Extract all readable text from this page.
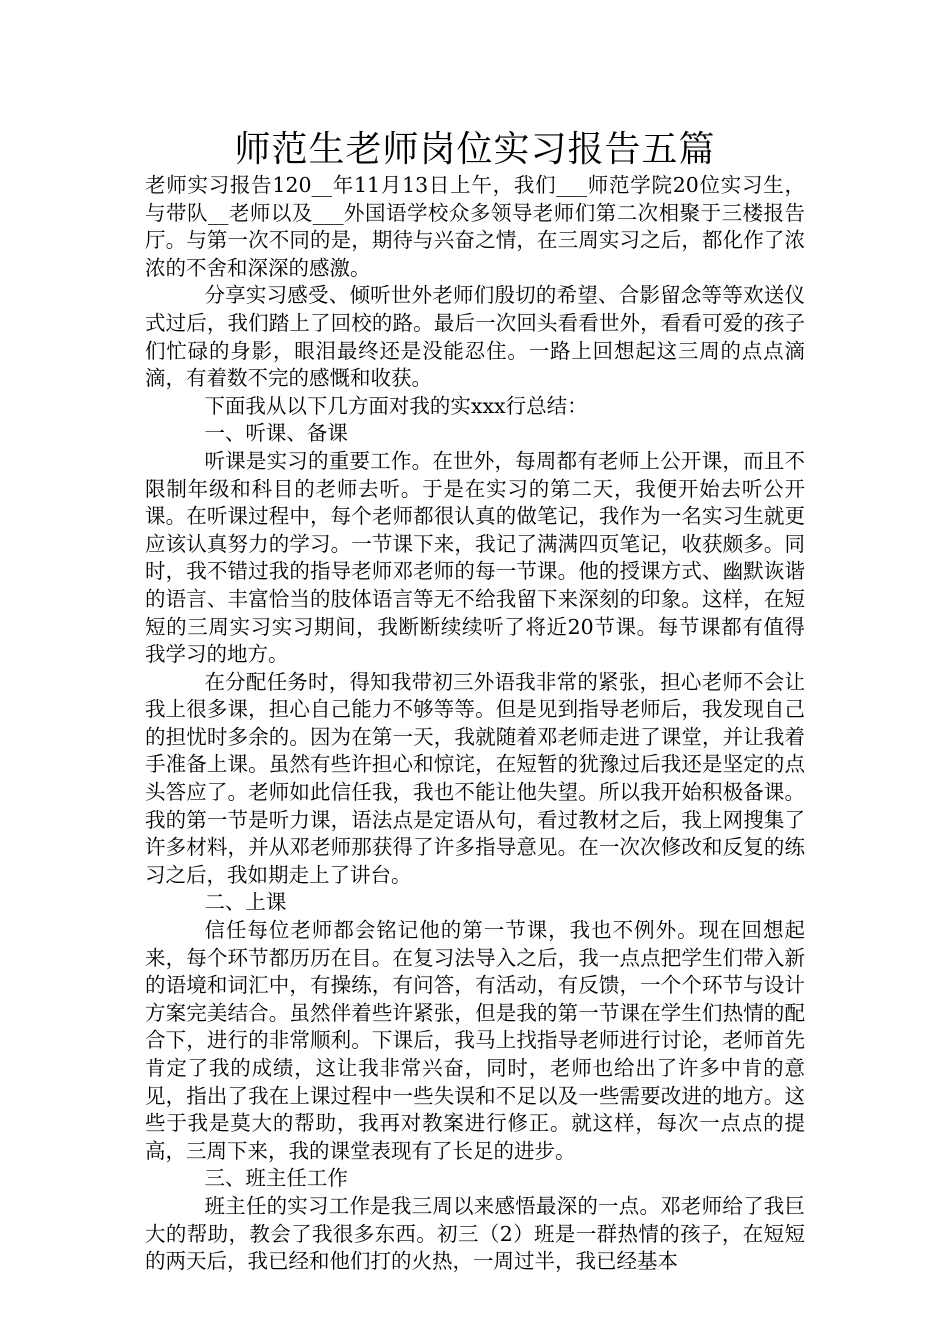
师范生老师岗位实习报告五篇

老师实习报告120__年11月13日上午，我们___师范学院20位实习生，与带队__老师以及___外国语学校众多领导老师们第二次相聚于三楼报告厅。与第一次不同的是，期待与兴奋之情，在三周实习之后，都化作了浓浓的不舍和深深的感激。

分享实习感受、倾听世外老师们殷切的希望、合影留念等等欢送仪式过后，我们踏上了回校的路。最后一次回头看看世外，看看可爱的孩子们忙碌的身影，眼泪最终还是没能忍住。一路上回想起这三周的点点滴滴，有着数不完的感慨和收获。

下面我从以下几方面对我的实xxx行总结：

一、听课、备课

听课是实习的重要工作。在世外，每周都有老师上公开课，而且不限制年级和科目的老师去听。于是在实习的第二天，我便开始去听公开课。在听课过程中，每个老师都很认真的做笔记，我作为一名实习生就更应该认真努力的学习。一节课下来，我记了满满四页笔记，收获颇多。同时，我不错过我的指导老师邓老师的每一节课。他的授课方式、幽默诙谐的语言、丰富恰当的肢体语言等无不给我留下来深刻的印象。这样，在短短的三周实习实习期间，我断断续续听了将近20节课。每节课都有值得我学习的地方。

在分配任务时，得知我带初三外语我非常的紧张，担心老师不会让我上很多课，担心自己能力不够等等。但是见到指导老师后，我发现自己的担忧时多余的。因为在第一天，我就随着邓老师走进了课堂，并让我着手准备上课。虽然有些许担心和惊诧，在短暂的犹豫过后我还是坚定的点头答应了。老师如此信任我，我也不能让他失望。所以我开始积极备课。我的第一节是听力课，语法点是定语从句，看过教材之后，我上网搜集了许多材料，并从邓老师那获得了许多指导意见。在一次次修改和反复的练习之后，我如期走上了讲台。

二、上课

信任每位老师都会铭记他的第一节课，我也不例外。现在回想起来，每个环节都历历在目。在复习法导入之后，我一点点把学生们带入新的语境和词汇中，有操练，有问答，有活动，有反馈，一个个环节与设计方案完美结合。虽然伴着些许紧张，但是我的第一节课在学生们热情的配合下，进行的非常顺利。下课后，我马上找指导老师进行讨论，老师首先肯定了我的成绩，这让我非常兴奋，同时，老师也给出了许多中肯的意见，指出了我在上课过程中一些失误和不足以及一些需要改进的地方。这些于我是莫大的帮助，我再对教案进行修正。就这样，每次一点点的提高，三周下来，我的课堂表现有了长足的进步。

三、班主任工作

班主任的实习工作是我三周以来感悟最深的一点。邓老师给了我巨大的帮助，教会了我很多东西。初三（2）班是一群热情的孩子，在短短的两天后，我已经和他们打的火热，一周过半，我已经基本
